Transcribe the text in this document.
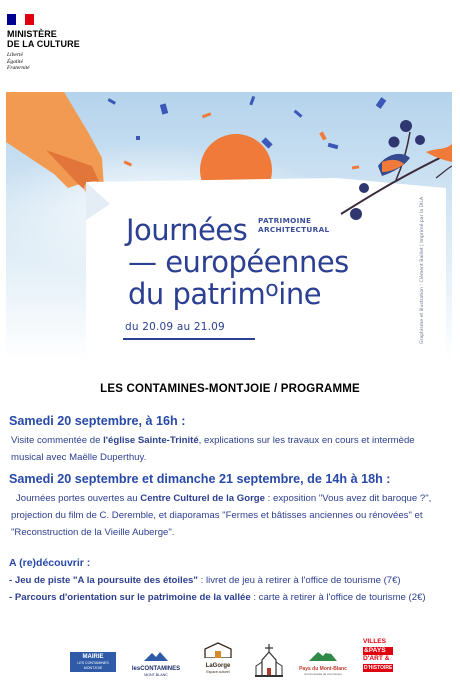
MINISTÈRE
DE LA CULTURE
Liberté
Égalité
Fraternité
PATRIMOINE
ARCHITECTURAL
Journées
— européennes
du patrim$^o$ine
du 20.09 au 21.09	Graphisme et illustration : Clément Baillet | Imprimé par la DILA
LES CONTAMINES-MONTJOIE / PROGRAMME
Samedi 20 septembre, à 16h :
Visite commentée de l'église Sainte-Trinité, explications sur les travaux en cours et intermède
musical avec Maëlle Duperthuy.
Samedi 20 septembre et dimanche 21 septembre, de 14h à 18h :
Journées portes ouvertes au Centre Culturel de la Gorge : exposition "Vous avez dit baroque ?",
projection du film de C. Deremble, et diaporamas "Fermes et bâtisses anciennes ou rénovées" et
"Reconstruction de la Vieille Auberge".
A (re)découvrir :
- Jeu de piste "A la poursuite des étoiles" : livret de jeu à retirer à l'office de tourisme (7€)
- Parcours d'orientation sur le patrimoine de la vallée : carte à retirer à l'office de tourisme (2€)
MAIRIE
LES CONTAMINES
MONTJOIE	lesCONTAMINES
MONT-BLANC
LaGorge
Espace culturel	Pays du Mont-Blanc
Communauté de communes
VILLES
&PAYS
D'ART &
D'HISTOIRE
